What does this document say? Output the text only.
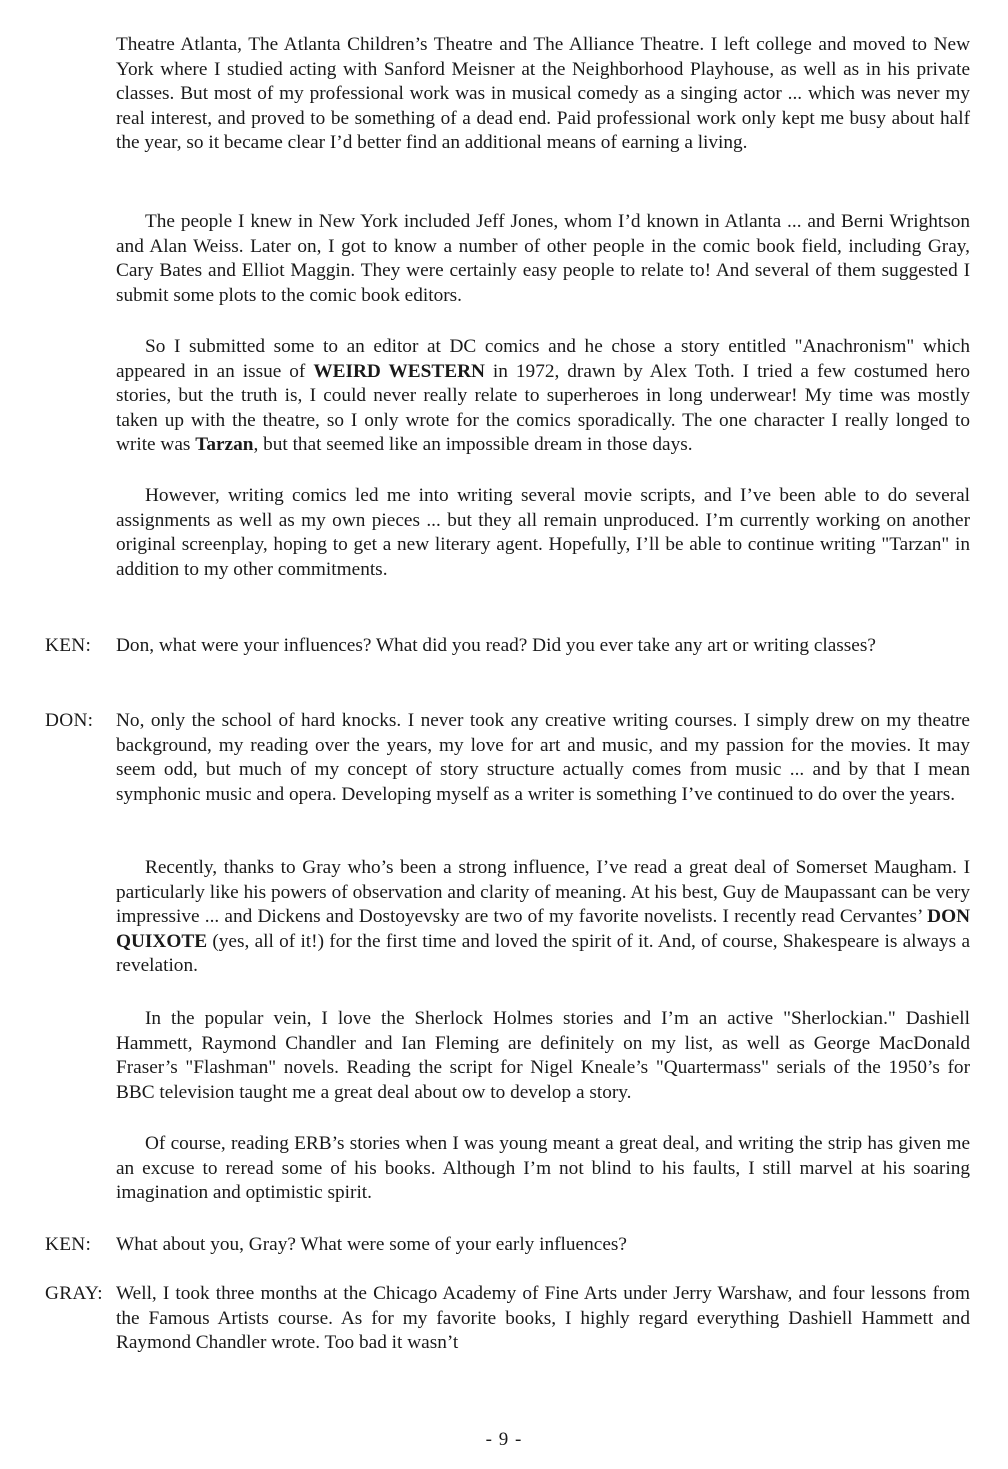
Theatre Atlanta, The Atlanta Children’s Theatre and The Alliance Theatre. I left college and moved to New York where I studied acting with Sanford Meisner at the Neighborhood Playhouse, as well as in his private classes. But most of my professional work was in musical comedy as a singing actor ... which was never my real interest, and proved to be something of a dead end. Paid professional work only kept me busy about half the year, so it became clear I’d better find an additional means of earning a living.

The people I knew in New York included Jeff Jones, whom I’d known in Atlanta ... and Berni Wrightson and Alan Weiss. Later on, I got to know a number of other people in the comic book field, including Gray, Cary Bates and Elliot Maggin. They were certainly easy people to relate to! And several of them suggested I submit some plots to the comic book editors.

So I submitted some to an editor at DC comics and he chose a story entitled "Anachronism" which appeared in an issue of WEIRD WESTERN in 1972, drawn by Alex Toth. I tried a few costumed hero stories, but the truth is, I could never really relate to superheroes in long underwear! My time was mostly taken up with the theatre, so I only wrote for the comics sporadically. The one character I really longed to write was Tarzan, but that seemed like an impossible dream in those days.

However, writing comics led me into writing several movie scripts, and I’ve been able to do several assignments as well as my own pieces ... but they all remain unproduced. I’m currently working on another original screenplay, hoping to get a new literary agent. Hopefully, I’ll be able to continue writing "Tarzan" in addition to my other commitments.

KEN:	Don, what were your influences? What did you read? Did you ever take any art or writing classes?

DON:	No, only the school of hard knocks. I never took any creative writing courses. I simply drew on my theatre background, my reading over the years, my love for art and music, and my passion for the movies. It may seem odd, but much of my concept of story structure actually comes from music ... and by that I mean symphonic music and opera. Developing myself as a writer is something I’ve continued to do over the years.

Recently, thanks to Gray who’s been a strong influence, I’ve read a great deal of Somerset Maugham. I particularly like his powers of observation and clarity of meaning. At his best, Guy de Maupassant can be very impressive ... and Dickens and Dostoyevsky are two of my favorite novelists. I recently read Cervantes’ DON QUIXOTE (yes, all of it!) for the first time and loved the spirit of it. And, of course, Shakespeare is always a revelation.

In the popular vein, I love the Sherlock Holmes stories and I’m an active "Sherlockian." Dashiell Hammett, Raymond Chandler and Ian Fleming are definitely on my list, as well as George MacDonald Fraser’s "Flashman" novels. Reading the script for Nigel Kneale’s "Quartermass" serials of the 1950’s for BBC television taught me a great deal about ow to develop a story.

Of course, reading ERB’s stories when I was young meant a great deal, and writing the strip has given me an excuse to reread some of his books. Although I’m not blind to his faults, I still marvel at his soaring imagination and optimistic spirit.

KEN:	What about you, Gray? What were some of your early influences?

GRAY: Well, I took three months at the Chicago Academy of Fine Arts under Jerry Warshaw, and four lessons from the Famous Artists course. As for my favorite books, I highly regard everything Dashiell Hammett and Raymond Chandler wrote. Too bad it wasn’t

- 9 -
